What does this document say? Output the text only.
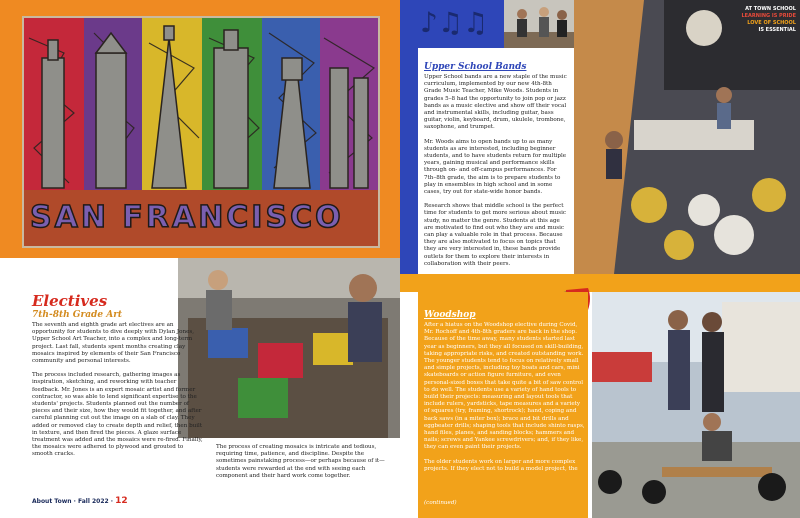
SAN FRANCISCO
Electives
7th-8th Grade Art

The seventh and eighth grade art electives are an opportunity for students to dive deeply with Dylan Jones, Upper School Art Teacher, into a complex and long-term project. Last fall, students spent months creating clay mosaics inspired by elements of their San Francisco community and personal interests.

The process included research, gathering images as inspiration, sketching, and reworking with teacher feedback. Mr. Jones is an expert mosaic artist and former contractor, so was able to lend significant expertise to the students' projects. Students planned out the number of pieces and their size, how they would fit together, and after careful planning cut out the image on a slab of clay. They added or removed clay to create depth and relief, then built in texture, and then fired the pieces. A glaze surface treatment was added and the mosaics were re-fired. Finally, the mosaics were adhered to plywood and grouted to smooth cracks.

The process of creating mosaics is intricate and tedious, requiring time, patience, and discipline. Despite the sometimes painstaking process—or perhaps because of it—students were rewarded at the end with seeing each component and their hard work come together.

About Town · Fall 2022 · 12
♪♫♫
Upper School Bands

Upper School bands are a new staple of the music curriculum, implemented by our new 4th-8th Grade Music Teacher, Mike Woods. Students in grades 5–8 had the opportunity to join pop or jazz bands as a music elective and show off their vocal and instrumental skills, including guitar, bass guitar, violin, keyboard, drum, ukulele, trombone, saxophone, and trumpet.

Mr. Woods aims to open bands up to as many students as are interested, including beginner students, and to have students return for multiple years, gaining musical and performance skills through on- and off-campus performances. For 7th–8th grade, the aim is to prepare students to play in ensembles in high school and in some cases, try out for state-wide honor bands.

Research shows that middle school is the perfect time for students to get more serious about music study, no matter the genre. Students at this age are motivated to find out who they are and music can play a valuable role in that process. Because they are also motivated to focus on topics that they are very interested in, these bands provide outlets for them to explore their interests in collaboration with their peers.

AT TOWN SCHOOL
LEARNING IS PRIDE
LOVE OF SCHOOL
IS ESSENTIAL
Woodshop

After a hiatus on the Woodshop elective during Covid, Mr. Rochoff and 4th-8th graders are back in the shop. Because of the time away, many students started last year as beginners, but they all focused on skill-building, taking appropriate risks, and created outstanding work. The younger students tend to focus on relatively small and simple projects, including toy boats and cars, mini skateboards or action figure furniture, and even personal-sized boxes that take quite a bit of saw control to do well. The students use a variety of hand tools to build their projects: measuring and layout tools that include rulers, yardsticks, tape measures and a variety of squares (try, framing, shortrock); hand, coping and back saws (in a miter box); brace and bit drills and eggbeater drills; shaping tools that include shinto rasps, hand files, planes, and sanding blocks; hammers and nails; screws and Yankee screwdrivers; and, if they like, they can even paint their projects.

The older students work on larger and more complex projects. If they elect not to build a model project, the

(continued)
